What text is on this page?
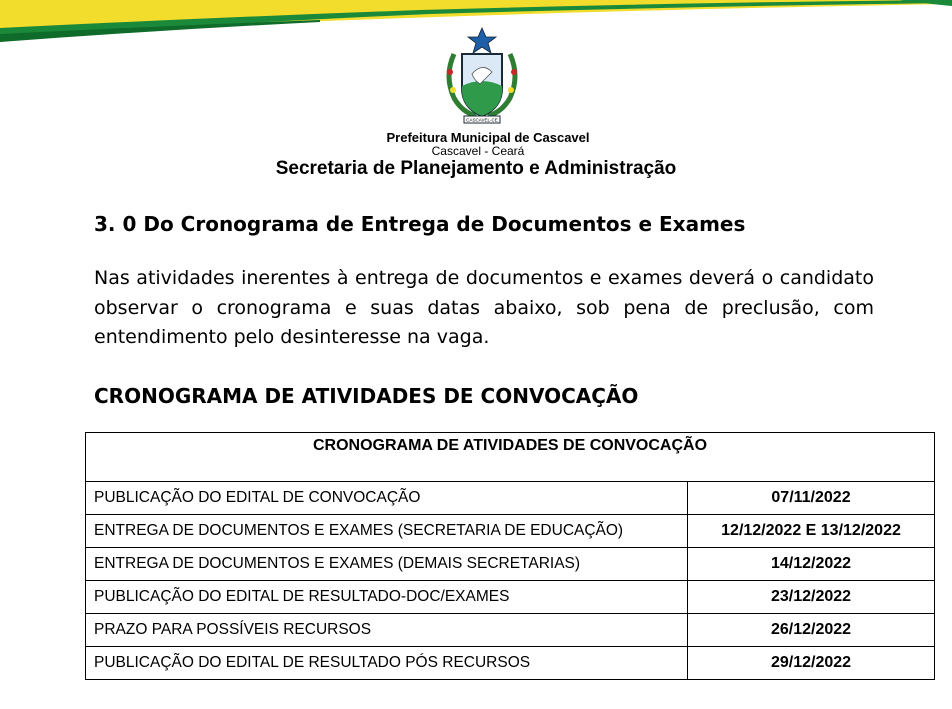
CASCAVEL-CE
Prefeitura Municipal de Cascavel
Cascavel - Ceará
Secretaria de Planejamento e Administração
3. 0 Do Cronograma de Entrega de Documentos e Exames
Nas atividades inerentes à entrega de documentos e exames deverá o candidato observar o cronograma e suas datas abaixo, sob pena de preclusão, com entendimento pelo desinteresse na vaga.
CRONOGRAMA DE ATIVIDADES DE CONVOCAÇÃO
CRONOGRAMA DE ATIVIDADES DE CONVOCAÇÃO	
PUBLICAÇÃO DO EDITAL DE CONVOCAÇÃO	07/11/2022
ENTREGA DE DOCUMENTOS E EXAMES (SECRETARIA DE EDUCAÇÃO)	12/12/2022 E 13/12/2022
ENTREGA DE DOCUMENTOS E EXAMES (DEMAIS SECRETARIAS)	14/12/2022
PUBLICAÇÃO DO EDITAL DE RESULTADO-DOC/EXAMES	23/12/2022
PRAZO PARA POSSÍVEIS RECURSOS	26/12/2022
PUBLICAÇÃO DO EDITAL DE RESULTADO PÓS RECURSOS	29/12/2022
